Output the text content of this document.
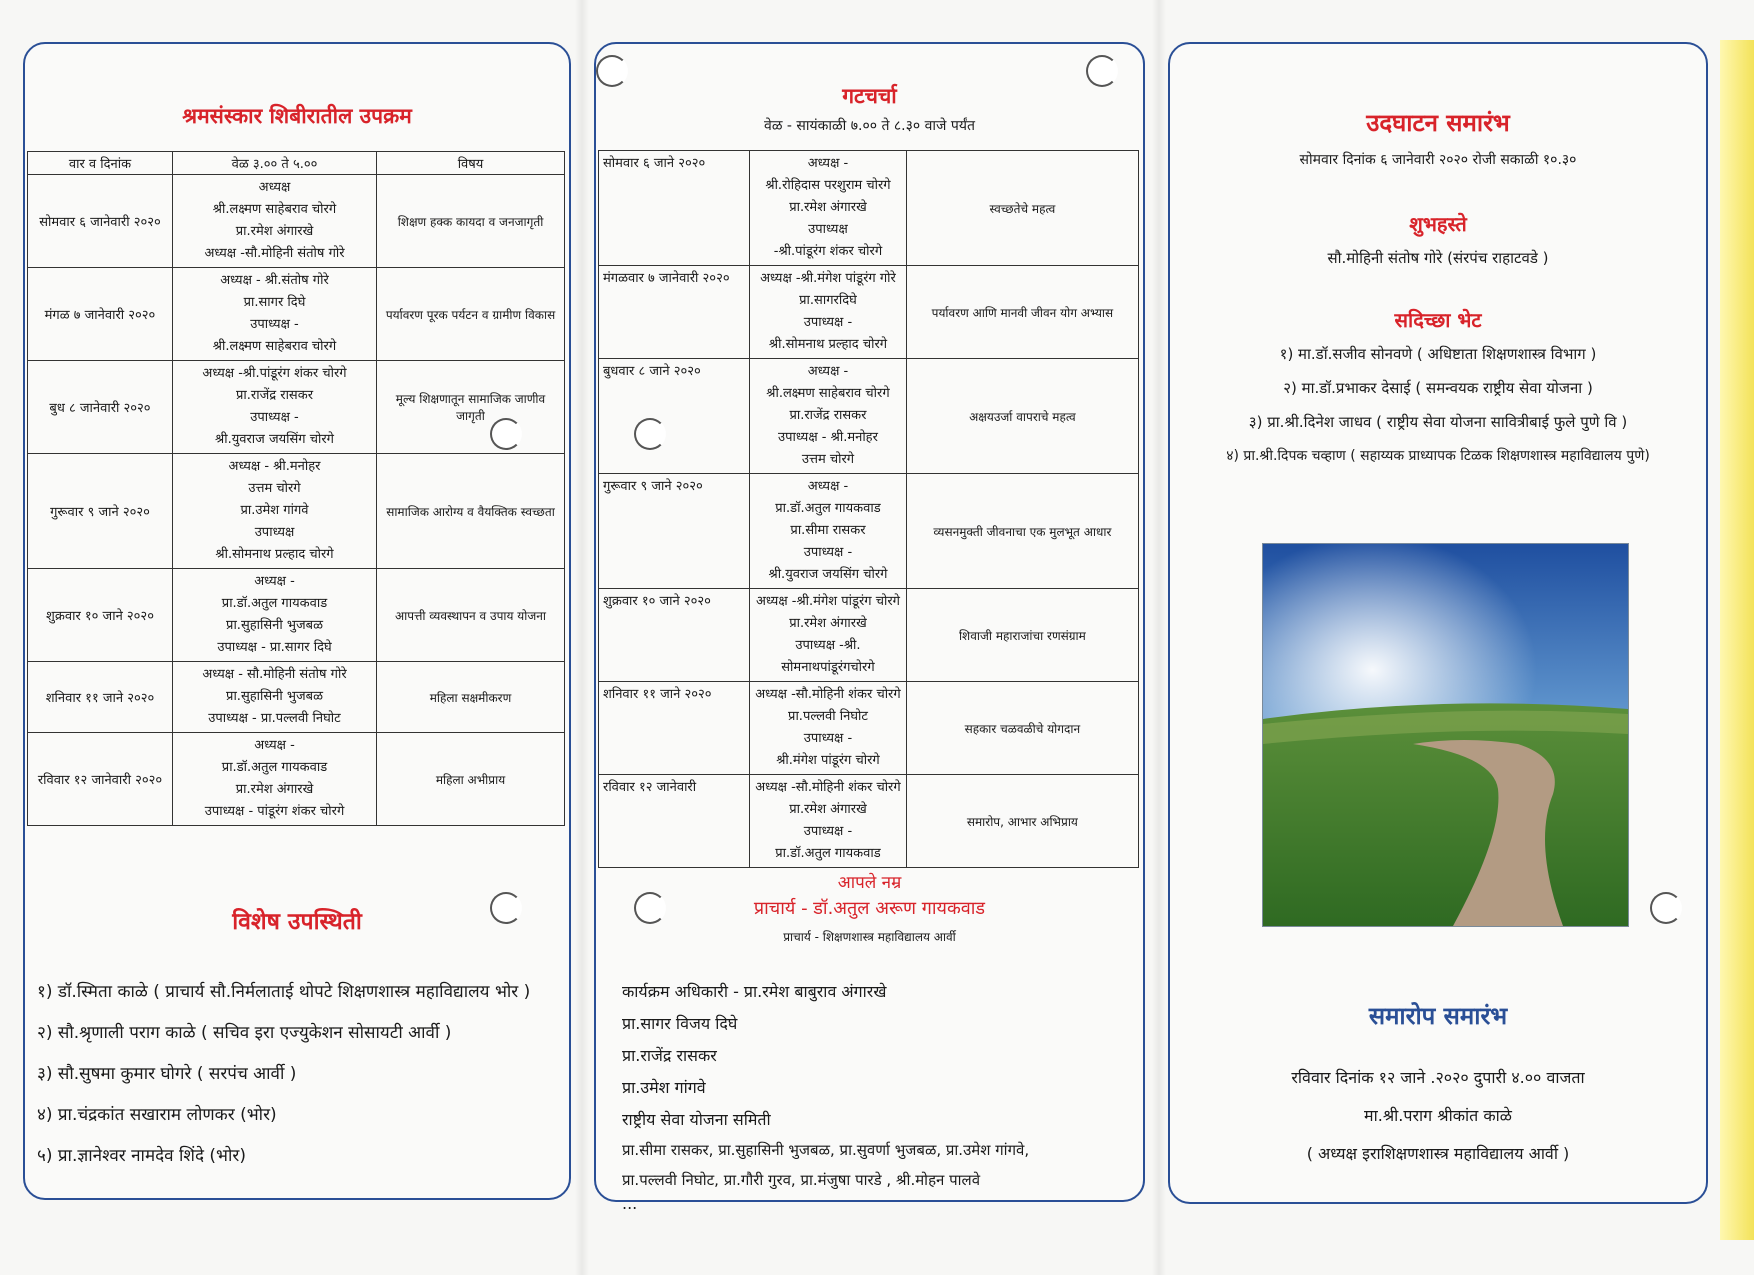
श्रमसंस्कार शिबीरातील उपक्रम
वार व दिनांक	वेळ ३.०० ते ५.००	विषय
सोमवार ६ जानेवारी २०२०	अध्यक्ष
श्री.लक्ष्मण साहेबराव चोरगे
प्रा.रमेश अंगारखे
अध्यक्ष -सौ.मोहिनी संतोष गोरे	शिक्षण हक्क कायदा व जनजागृती
मंगळ ७ जानेवारी २०२०	अध्यक्ष - श्री.संतोष गोरे
प्रा.सागर दिघे
उपाध्यक्ष -
श्री.लक्ष्मण साहेबराव चोरगे	पर्यावरण पूरक पर्यटन व ग्रामीण विकास
बुध ८ जानेवारी २०२०	अध्यक्ष -श्री.पांडूरंग शंकर चोरगे
प्रा.राजेंद्र रासकर
उपाध्यक्ष -
श्री.युवराज जयसिंग चोरगे	मूल्य शिक्षणातून सामाजिक जाणीव जागृती
गुरूवार ९ जाने २०२०	अध्यक्ष - श्री.मनोहर
उत्तम चोरगे
प्रा.उमेश गांगवे
उपाध्यक्ष
श्री.सोमनाथ प्रल्हाद चोरगे	सामाजिक आरोग्य व वैयक्तिक स्वच्छता
शुक्रवार १० जाने २०२०	अध्यक्ष -
प्रा.डॉ.अतुल गायकवाड
प्रा.सुहासिनी भुजबळ
उपाध्यक्ष - प्रा.सागर दिघे	आपत्ती व्यवस्थापन व उपाय योजना
शनिवार ११ जाने २०२०	अध्यक्ष - सौ.मोहिनी संतोष गोरे
प्रा.सुहासिनी भुजबळ
उपाध्यक्ष - प्रा.पल्लवी निघोट	महिला सक्षमीकरण
रविवार १२ जानेवारी २०२०	अध्यक्ष -
प्रा.डॉ.अतुल गायकवाड
प्रा.रमेश अंगारखे
उपाध्यक्ष - पांडूरंग शंकर चोरगे	महिला अभीप्राय
विशेष उपस्थिती
१) डॉ.स्मिता काळे ( प्राचार्य सौ.निर्मलाताई थोपटे शिक्षणशास्त्र महाविद्यालय भोर )
२) सौ.श्रृणाली पराग काळे ( सचिव इरा एज्युकेशन सोसायटी आर्वी )
३) सौ.सुषमा कुमार घोगरे ( सरपंच आर्वी )
४) प्रा.चंद्रकांत सखाराम लोणकर (भोर)
५) प्रा.ज्ञानेश्वर नामदेव शिंदे (भोर)
गटचर्चा
वेळ - सायंकाळी ७.०० ते ८.३० वाजे पर्यंत
सोमवार ६ जाने २०२०	अध्यक्ष -
श्री.रोहिदास परशुराम चोरगे
प्रा.रमेश अंगारखे
उपाध्यक्ष
-श्री.पांडूरंग शंकर चोरगे	स्वच्छतेचे महत्व
मंगळवार ७ जानेवारी २०२०	अध्यक्ष -श्री.मंगेश पांडूरंग गोरे
प्रा.सागरदिघे
उपाध्यक्ष -
श्री.सोमनाथ प्रल्हाद चोरगे	पर्यावरण आणि मानवी जीवन योग अभ्यास
बुधवार ८ जाने २०२०	अध्यक्ष -
श्री.लक्ष्मण साहेबराव चोरगे
प्रा.राजेंद्र रासकर
उपाध्यक्ष - श्री.मनोहर
उत्तम चोरगे	अक्षयउर्जा वापराचे महत्व
गुरूवार ९ जाने २०२०	अध्यक्ष -
प्रा.डॉ.अतुल गायकवाड
प्रा.सीमा रासकर
उपाध्यक्ष -
श्री.युवराज जयसिंग चोरगे	व्यसनमुक्ती जीवनाचा एक मुलभूत आधार
शुक्रवार १० जाने २०२०	अध्यक्ष -श्री.मंगेश पांडूरंग चोरगे
प्रा.रमेश अंगारखे
उपाध्यक्ष -श्री.
सोमनाथपांडूरंगचोरगे	शिवाजी महाराजांचा रणसंग्राम
शनिवार ११ जाने २०२०	अध्यक्ष -सौ.मोहिनी शंकर चोरगे
प्रा.पल्लवी निघोट
उपाध्यक्ष -
श्री.मंगेश पांडूरंग चोरगे	सहकार चळवळीचे योगदान
रविवार १२ जानेवारी	अध्यक्ष -सौ.मोहिनी शंकर चोरगे
प्रा.रमेश अंगारखे
उपाध्यक्ष -
प्रा.डॉ.अतुल गायकवाड	समारोप, आभार अभिप्राय
आपले नम्र
प्राचार्य - डॉ.अतुल अरूण गायकवाड
प्राचार्य - शिक्षणशास्त्र महाविद्यालय आर्वी
कार्यक्रम अधिकारी - प्रा.रमेश बाबुराव अंगारखे
प्रा.सागर विजय दिघे
प्रा.राजेंद्र रासकर
प्रा.उमेश गांगवे
राष्ट्रीय सेवा योजना समिती
प्रा.सीमा रासकर, प्रा.सुहासिनी भुजबळ, प्रा.सुवर्णा भुजबळ, प्रा.उमेश गांगवे,
प्रा.पल्लवी निघोट, प्रा.गौरी गुरव, प्रा.मंजुषा पारडे , श्री.मोहन पालवे
...
उदघाटन समारंभ
सोमवार दिनांक ६ जानेवारी २०२० रोजी सकाळी १०.३०
शुभहस्ते
सौ.मोहिनी संतोष गोरे (संरपंच राहाटवडे )
सदिच्छा भेट
१) मा.डॉ.सजीव सोनवणे ( अधिष्टाता शिक्षणशास्त्र विभाग )
२) मा.डॉ.प्रभाकर देसाई ( समन्वयक राष्ट्रीय सेवा योजना )
३) प्रा.श्री.दिनेश जाधव ( राष्ट्रीय सेवा योजना सावित्रीबाई फुले पुणे वि )
४) प्रा.श्री.दिपक चव्हाण ( सहाय्यक प्राध्यापक टिळक शिक्षणशास्त्र महाविद्यालय पुणे)
समारोप समारंभ
रविवार दिनांक १२ जाने .२०२० दुपारी ४.०० वाजता
मा.श्री.पराग श्रीकांत काळे
( अध्यक्ष इराशिक्षणशास्त्र महाविद्यालय आर्वी )
